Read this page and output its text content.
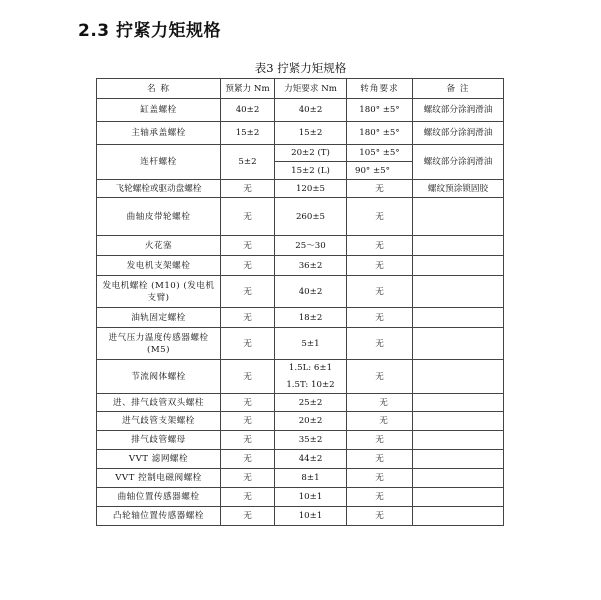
2.3 拧紧力矩规格
表3 拧紧力矩规格
名 称	预紧力 Nm	力矩要求 Nm	转角要求	备 注
缸盖螺栓	40±2	40±2	180° ±5°	螺纹部分涂润滑油
主轴承盖螺栓	15±2	15±2	180° ±5°	螺纹部分涂润滑油
连杆螺栓	5±2	20±2 (T)	105° ±5°	螺纹部分涂润滑油
		15±2 (L)	90° ±5°	
飞轮螺栓或驱动盘螺栓	无	120±5	无	螺纹预涂锁固胶
曲轴皮带轮螺栓	无	260±5	无	
火花塞	无	25～30	无	
发电机支架螺栓	无	36±2	无	
发电机螺栓 (M10) (发电机支臂)	无	40±2	无	
油轨固定螺栓	无	18±2	无	
进气压力温度传感器螺栓 (M5)	无	5±1	无	
节流阀体螺栓	无	1.5L: 6±1	无	
		1.5T: 10±2		
进、排气歧管双头螺柱	无	25±2	无	
进气歧管支架螺栓	无	20±2	无	
排气歧管螺母	无	35±2	无	
VVT 滤网螺栓	无	44±2	无	
VVT 控制电磁阀螺栓	无	8±1	无	
曲轴位置传感器螺栓	无	10±1	无	
凸轮轴位置传感器螺栓	无	10±1	无	
